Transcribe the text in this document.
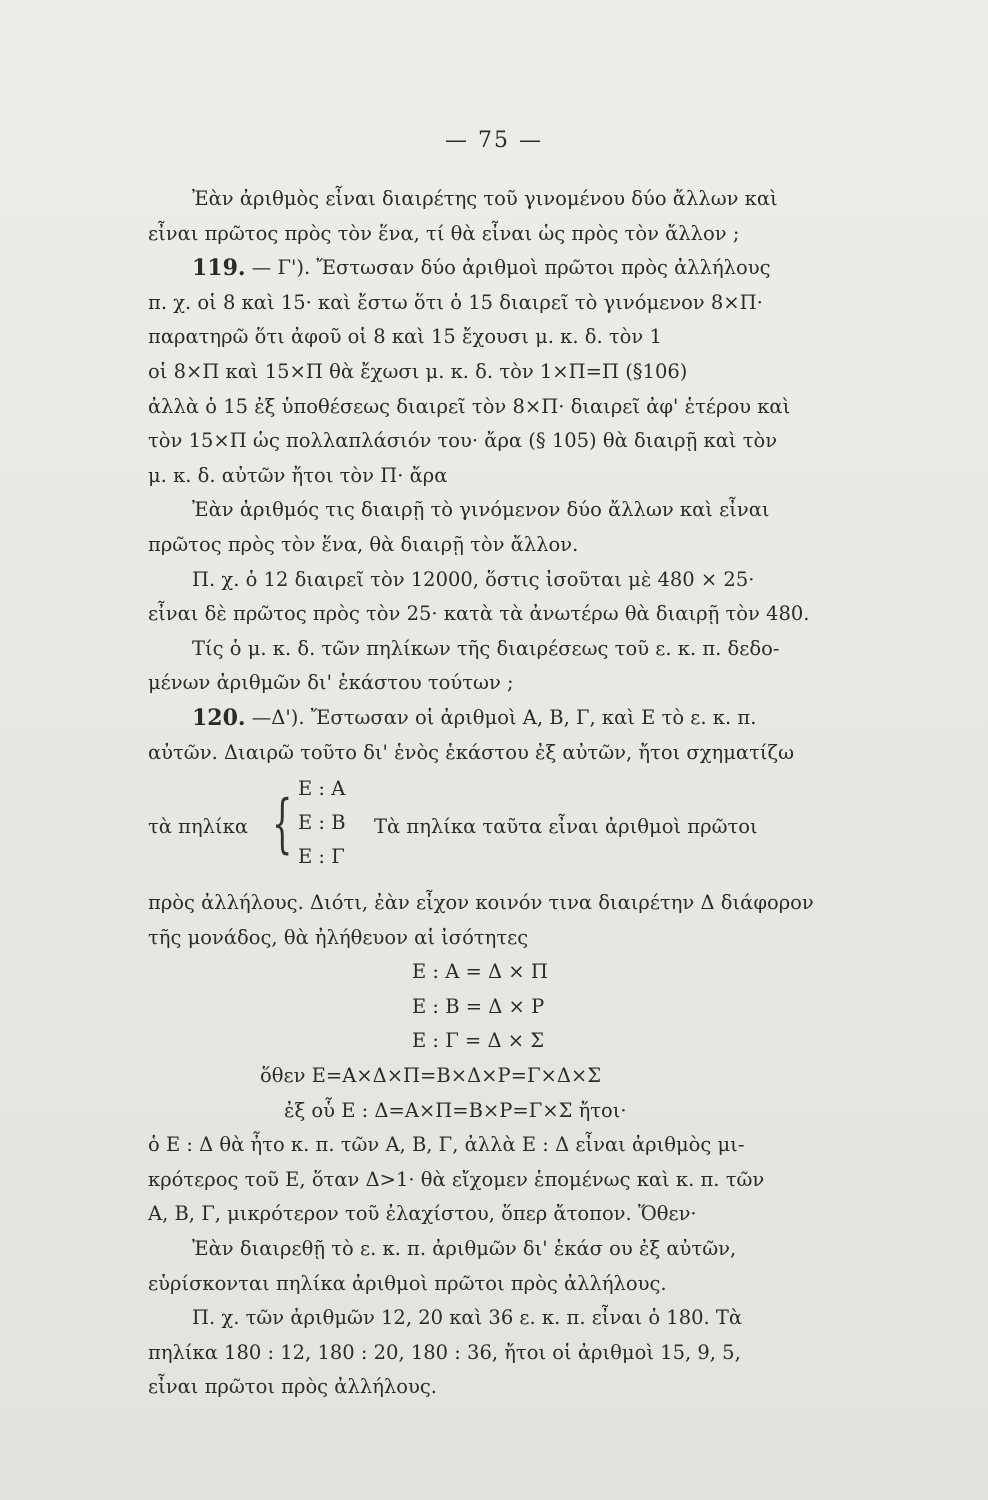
— 75 —
Ἐὰν ἀριθμὸς εἶναι διαιρέτης τοῦ γινομένου δύο ἄλλων καὶ
εἶναι πρῶτος πρὸς τὸν ἕνα, τί θὰ εἶναι ὡς πρὸς τὸν ἄλλον ;
119.
— Γ'). Ἔστωσαν δύο ἀριθμοὶ πρῶτοι πρὸς ἀλλήλους
π. χ. οἱ 8 καὶ 15· καὶ ἔστω ὅτι ὁ 15 διαιρεῖ τὸ γινόμενον 8×Π·
παρατηρῶ ὅτι ἀφοῦ οἱ 8 καὶ 15 ἔχουσι μ. κ. δ. τὸν 1
οἱ 8×Π καὶ 15×Π θὰ ἔχωσι μ. κ. δ. τὸν 1×Π=Π (§106)
ἀλλὰ ὁ 15 ἐξ ὑποθέσεως διαιρεῖ τὸν 8×Π· διαιρεῖ ἀφ' ἑτέρου καὶ
τὸν 15×Π ὡς πολλαπλάσιόν του· ἄρα (§ 105) θὰ διαιρῇ καὶ τὸν
μ. κ. δ. αὐτῶν ἤτοι τὸν Π· ἄρα
Ἐὰν ἀριθμός τις διαιρῇ τὸ γινόμενον δύο ἄλλων καὶ εἶναι
πρῶτος πρὸς τὸν ἕνα, θὰ διαιρῇ τὸν ἄλλον.
Π. χ. ὁ 12 διαιρεῖ τὸν 12000, ὅστις ἰσοῦται μὲ 480 × 25·
εἶναι δὲ πρῶτος πρὸς τὸν 25· κατὰ τὰ ἀνωτέρω θὰ διαιρῇ τὸν 480.
Τίς ὁ μ. κ. δ. τῶν πηλίκων τῆς διαιρέσεως τοῦ ε. κ. π. δεδο-
μένων ἀριθμῶν δι' ἑκάστου τούτων ;
120.
—Δ'). Ἔστωσαν οἱ ἀριθμοὶ Α, Β, Γ, καὶ Ε τὸ ε. κ. π.
αὐτῶν. Διαιρῶ τοῦτο δι' ἑνὸς ἑκάστου ἐξ αὐτῶν, ἤτοι σχηματίζω
τὰ πηλίκα { Ε : Α
Ε : Β
Ε : Γ
Τὰ πηλίκα ταῦτα εἶναι ἀριθμοὶ πρῶτοι
πρὸς ἀλλήλους. Διότι, ἐὰν εἶχον κοινόν τινα διαιρέτην Δ διάφορον
τῆς μονάδος, θὰ ἠλήθευον αἱ ἰσότητες
Ε : Α = Δ × Π
Ε : Β = Δ × Ρ
Ε : Γ = Δ × Σ
ὅθεν Ε=Α×Δ×Π=Β×Δ×Ρ=Γ×Δ×Σ
ἐξ οὗ Ε : Δ=Α×Π=Β×Ρ=Γ×Σ ἤτοι·
ὁ Ε : Δ θὰ ἦτο κ. π. τῶν Α, Β, Γ, ἀλλὰ Ε : Δ εἶναι ἀριθμὸς μι-
κρότερος τοῦ Ε, ὅταν Δ>1· θὰ εἴχομεν ἑπομένως καὶ κ. π. τῶν
Α, Β, Γ, μικρότερον τοῦ ἐλαχίστου, ὅπερ ἄτοπον. Ὅθεν·
Ἐὰν διαιρεθῇ τὸ ε. κ. π. ἀριθμῶν δι' ἑκάσ ου ἐξ αὐτῶν,
εὑρίσκονται πηλίκα ἀριθμοὶ πρῶτοι πρὸς ἀλλήλους.
Π. χ. τῶν ἀριθμῶν 12, 20 καὶ 36 ε. κ. π. εἶναι ὁ 180. Τὰ
πηλίκα 180 : 12, 180 : 20, 180 : 36, ἤτοι οἱ ἀριθμοὶ 15, 9, 5,
εἶναι πρῶτοι πρὸς ἀλλήλους.
